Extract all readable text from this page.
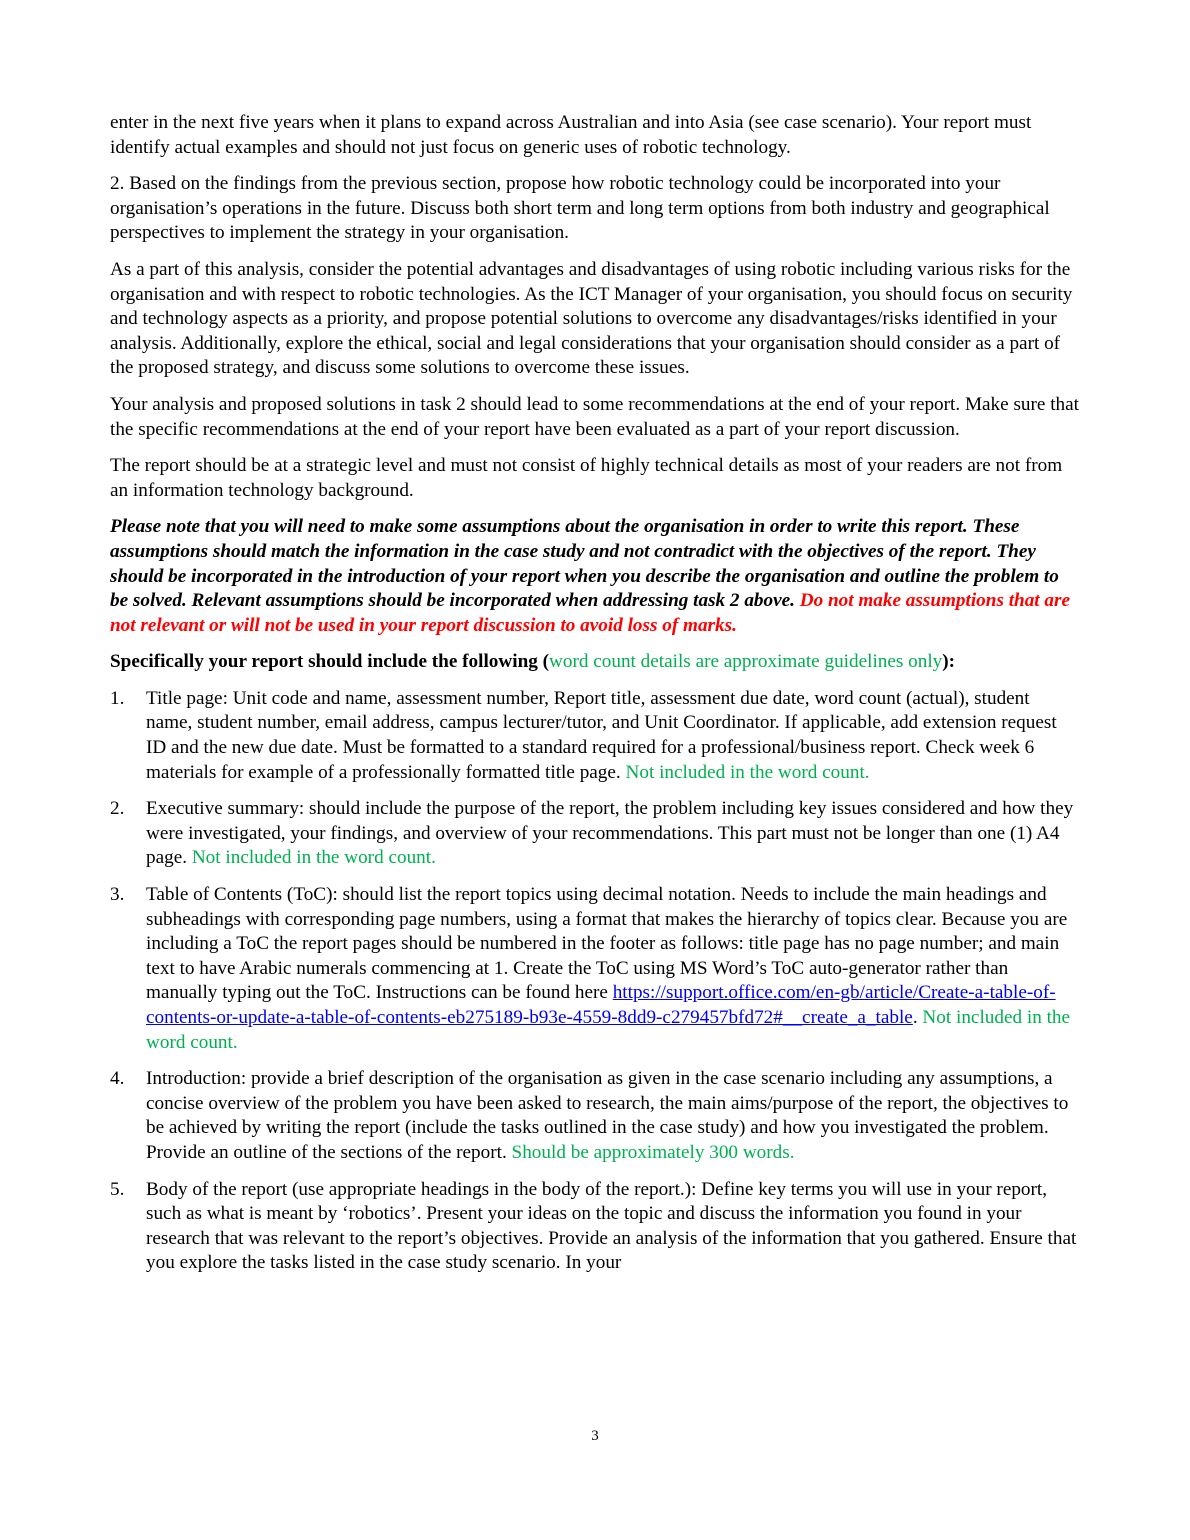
enter in the next five years when it plans to expand across Australian and into Asia (see case scenario). Your report must identify actual examples and should not just focus on generic uses of robotic technology.

2. Based on the findings from the previous section, propose how robotic technology could be incorporated into your organisation’s operations in the future. Discuss both short term and long term options from both industry and geographical perspectives to implement the strategy in your organisation.

As a part of this analysis, consider the potential advantages and disadvantages of using robotic including various risks for the organisation and with respect to robotic technologies. As the ICT Manager of your organisation, you should focus on security and technology aspects as a priority, and propose potential solutions to overcome any disadvantages/risks identified in your analysis. Additionally, explore the ethical, social and legal considerations that your organisation should consider as a part of the proposed strategy, and discuss some solutions to overcome these issues.

Your analysis and proposed solutions in task 2 should lead to some recommendations at the end of your report. Make sure that the specific recommendations at the end of your report have been evaluated as a part of your report discussion.

The report should be at a strategic level and must not consist of highly technical details as most of your readers are not from an information technology background.

Please note that you will need to make some assumptions about the organisation in order to write this report. These assumptions should match the information in the case study and not contradict with the objectives of the report. They should be incorporated in the introduction of your report when you describe the organisation and outline the problem to be solved. Relevant assumptions should be incorporated when addressing task 2 above. Do not make assumptions that are not relevant or will not be used in your report discussion to avoid loss of marks.

Specifically your report should include the following (word count details are approximate guidelines only):

1. Title page: Unit code and name, assessment number, Report title, assessment due date, word count (actual), student name, student number, email address, campus lecturer/tutor, and Unit Coordinator. If applicable, add extension request ID and the new due date. Must be formatted to a standard required for a professional/business report. Check week 6 materials for example of a professionally formatted title page. Not included in the word count.
2. Executive summary: should include the purpose of the report, the problem including key issues considered and how they were investigated, your findings, and overview of your recommendations. This part must not be longer than one (1) A4 page. Not included in the word count.
3. Table of Contents (ToC): should list the report topics using decimal notation. Needs to include the main headings and subheadings with corresponding page numbers, using a format that makes the hierarchy of topics clear. Because you are including a ToC the report pages should be numbered in the footer as follows: title page has no page number; and main text to have Arabic numerals commencing at 1. Create the ToC using MS Word’s ToC auto-generator rather than manually typing out the ToC. Instructions can be found here https://support.office.com/en-gb/article/Create-a-table-of-contents-or-update-a-table-of-contents-eb275189-b93e-4559-8dd9-c279457bfd72#__create_a_table. Not included in the word count.
4. Introduction: provide a brief description of the organisation as given in the case scenario including any assumptions, a concise overview of the problem you have been asked to research, the main aims/purpose of the report, the objectives to be achieved by writing the report (include the tasks outlined in the case study) and how you investigated the problem. Provide an outline of the sections of the report. Should be approximately 300 words.
5. Body of the report (use appropriate headings in the body of the report.): Define key terms you will use in your report, such as what is meant by ‘robotics’. Present your ideas on the topic and discuss the information you found in your research that was relevant to the report’s objectives. Provide an analysis of the information that you gathered. Ensure that you explore the tasks listed in the case study scenario. In your
3
